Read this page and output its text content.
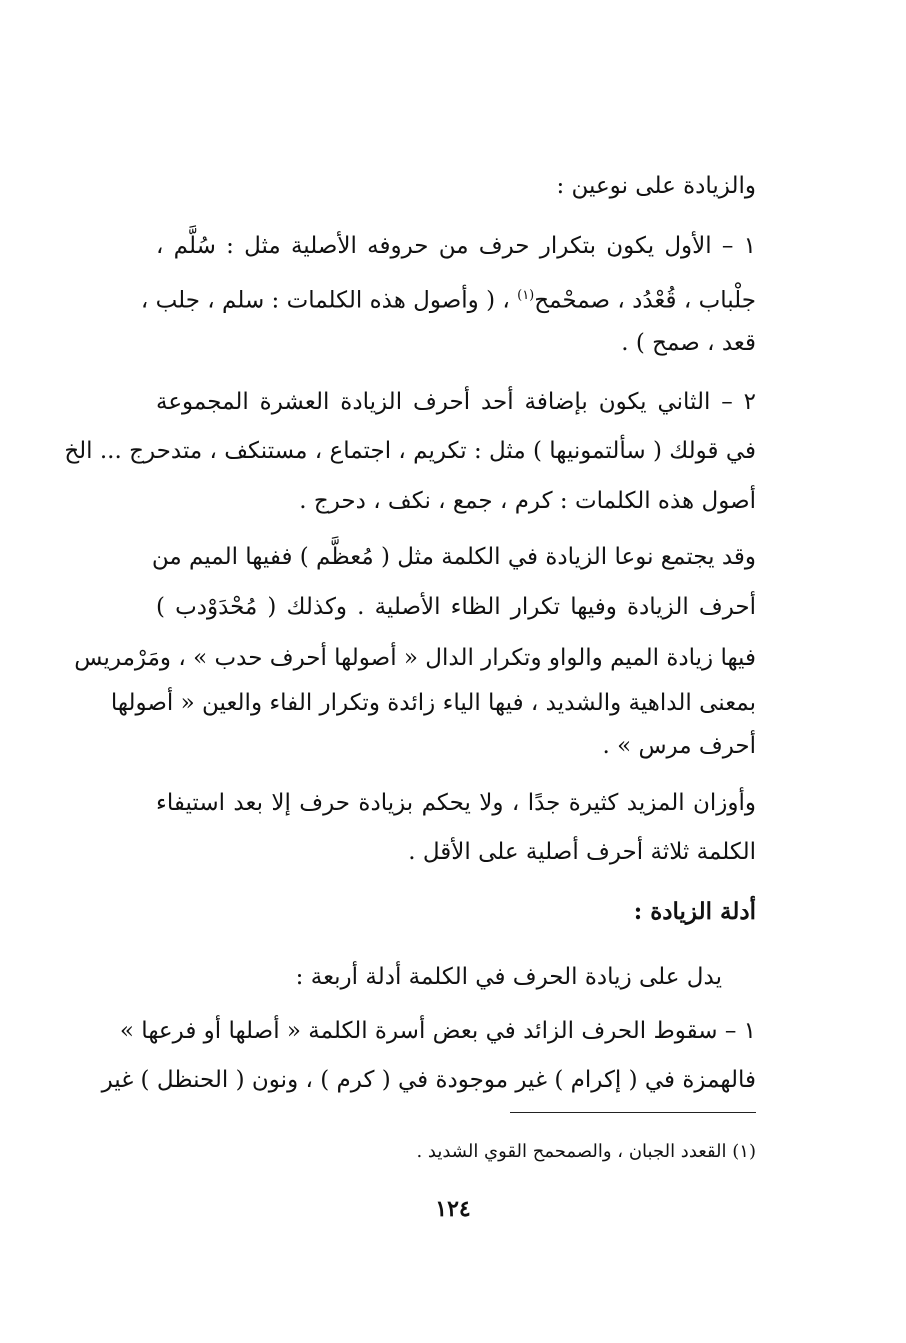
والزيادة على نوعين :
١ – الأول يكون بتكرار حرف من حروفه الأصلية مثل : سُلَّم ،
جلْباب ، قُعْدُد ، صمحْمح$^{(١)}$ ، ( وأصول هذه الكلمات : سلم ، جلب ،
قعد ، صمح ) .
٢ – الثاني يكون بإضافة أحد أحرف الزيادة العشرة المجموعة
في قولك ( سألتمونيها ) مثل : تكريم ، اجتماع ، مستنكف ، متدحرج ... الخ
أصول هذه الكلمات : كرم ، جمع ، نكف ، دحرج .
وقد يجتمع نوعا الزيادة في الكلمة مثل ( مُعظَّم ) ففيها الميم من
أحرف الزيادة وفيها تكرار الظاء الأصلية . وكذلك ( مُحْدَوْدب )
فيها زيادة الميم والواو وتكرار الدال « أصولها أحرف حدب » ، ومَرْمريس
بمعنى الداهية والشديد ، فيها الياء زائدة وتكرار الفاء والعين « أصولها
أحرف مرس » .
وأوزان المزيد كثيرة جدًا ، ولا يحكم بزيادة حرف إلا بعد استيفاء
الكلمة ثلاثة أحرف أصلية على الأقل .
أدلة الزيادة :
يدل على زيادة الحرف في الكلمة أدلة أربعة :
١ – سقوط الحرف الزائد في بعض أسرة الكلمة « أصلها أو فرعها »
فالهمزة في ( إكرام ) غير موجودة في ( كرم ) ، ونون ( الحنظل ) غير
(١) القعدد الجبان ، والصمحمح القوي الشديد .
١٢٤
